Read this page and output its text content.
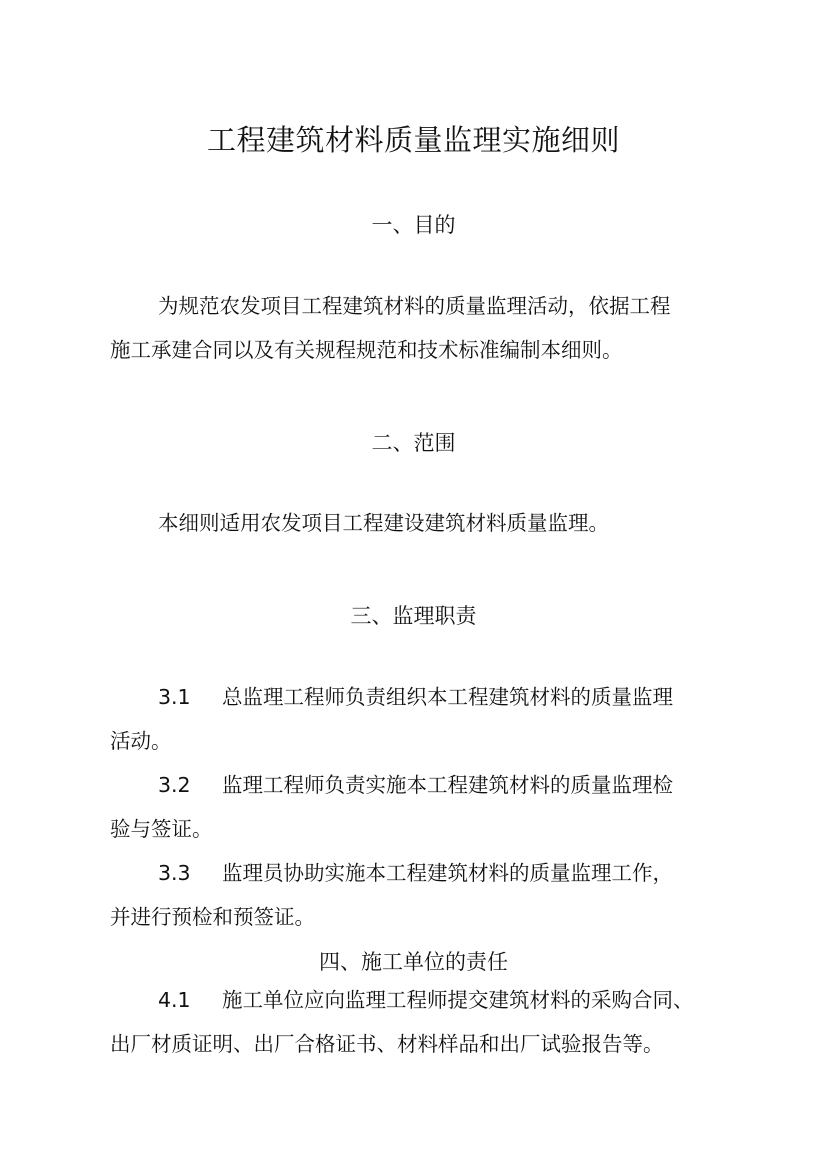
工程建筑材料质量监理实施细则
一、目的
为规范农发项目工程建筑材料的质量监理活动，依据工程
施工承建合同以及有关规程规范和技术标准编制本细则。
二、范围
本细则适用农发项目工程建设建筑材料质量监理。
三、监理职责
3.1 总监理工程师负责组织本工程建筑材料的质量监理
活动。
3.2 监理工程师负责实施本工程建筑材料的质量监理检
验与签证。
3.3 监理员协助实施本工程建筑材料的质量监理工作，
并进行预检和预签证。
四、施工单位的责任
4.1 施工单位应向监理工程师提交建筑材料的采购合同、
出厂材质证明、出厂合格证书、材料样品和出厂试验报告等。
